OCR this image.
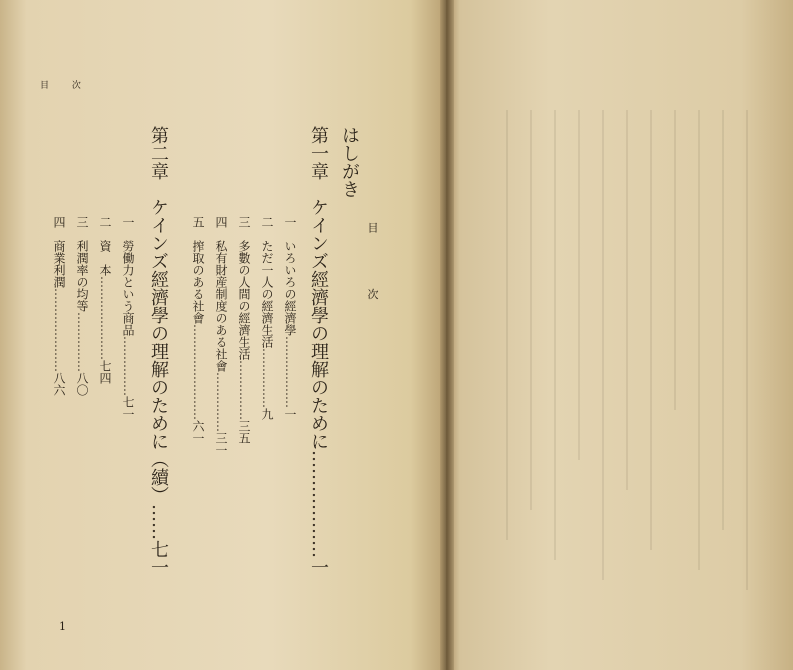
目 次
はしがき
第一章　ケインズ經濟學の理解のために………………一
一　いろいろの經濟學………………一
二　ただ一人の經濟生活……………九
三　多數の人間の經濟生活……………三五
四　私有財産制度のある社會……………三一
五　搾取のある社會……………………六一
第二章　ケインズ經濟學の理解のために（續）……七一
一　勞働力という商品……………七一
二　資　本…………………七四
三　利潤率の均等……………八〇
四　商業利潤…………………八六
1
目 次
